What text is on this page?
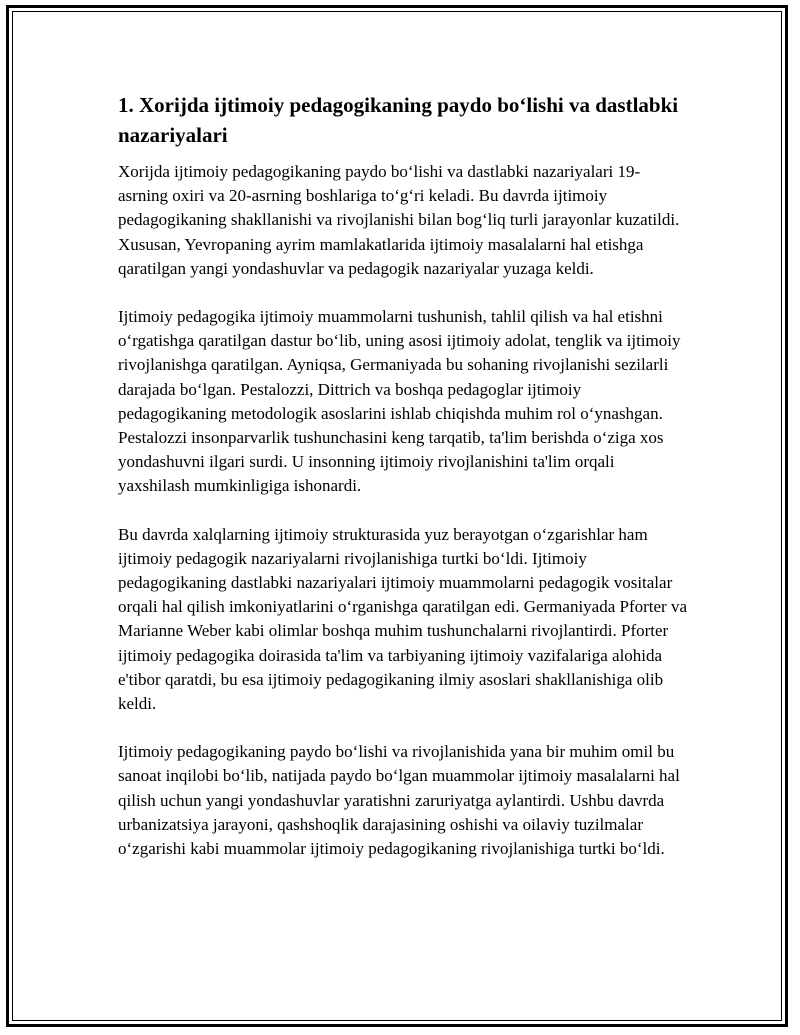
1. Xorijda ijtimoiy pedagogikaning paydo bo‘lishi va dastlabki nazariyalari

Xorijda ijtimoiy pedagogikaning paydo bo‘lishi va dastlabki nazariyalari 19-asrning oxiri va 20-asrning boshlariga to‘g‘ri keladi. Bu davrda ijtimoiy pedagogikaning shakllanishi va rivojlanishi bilan bog‘liq turli jarayonlar kuzatildi. Xususan, Yevropaning ayrim mamlakatlarida ijtimoiy masalalarni hal etishga qaratilgan yangi yondashuvlar va pedagogik nazariyalar yuzaga keldi.

Ijtimoiy pedagogika ijtimoiy muammolarni tushunish, tahlil qilish va hal etishni o‘rgatishga qaratilgan dastur bo‘lib, uning asosi ijtimoiy adolat, tenglik va ijtimoiy rivojlanishga qaratilgan. Ayniqsa, Germaniyada bu sohaning rivojlanishi sezilarli darajada bo‘lgan. Pestalozzi, Dittrich va boshqa pedagoglar ijtimoiy pedagogikaning metodologik asoslarini ishlab chiqishda muhim rol o‘ynashgan. Pestalozzi insonparvarlik tushunchasini keng tarqatib, ta'lim berishda o‘ziga xos yondashuvni ilgari surdi. U insonning ijtimoiy rivojlanishini ta'lim orqali yaxshilash mumkinligiga ishonardi.

Bu davrda xalqlarning ijtimoiy strukturasida yuz berayotgan o‘zgarishlar ham ijtimoiy pedagogik nazariyalarni rivojlanishiga turtki bo‘ldi. Ijtimoiy pedagogikaning dastlabki nazariyalari ijtimoiy muammolarni pedagogik vositalar orqali hal qilish imkoniyatlarini o‘rganishga qaratilgan edi. Germaniyada Pforter va Marianne Weber kabi olimlar boshqa muhim tushunchalarni rivojlantirdi. Pforter ijtimoiy pedagogika doirasida ta'lim va tarbiyaning ijtimoiy vazifalariga alohida e'tibor qaratdi, bu esa ijtimoiy pedagogikaning ilmiy asoslari shakllanishiga olib keldi.

Ijtimoiy pedagogikaning paydo bo‘lishi va rivojlanishida yana bir muhim omil bu sanoat inqilobi bo‘lib, natijada paydo bo‘lgan muammolar ijtimoiy masalalarni hal qilish uchun yangi yondashuvlar yaratishni zaruriyatga aylantirdi. Ushbu davrda urbanizatsiya jarayoni, qashshoqlik darajasining oshishi va oilaviy tuzilmalar o‘zgarishi kabi muammolar ijtimoiy pedagogikaning rivojlanishiga turtki bo‘ldi.
